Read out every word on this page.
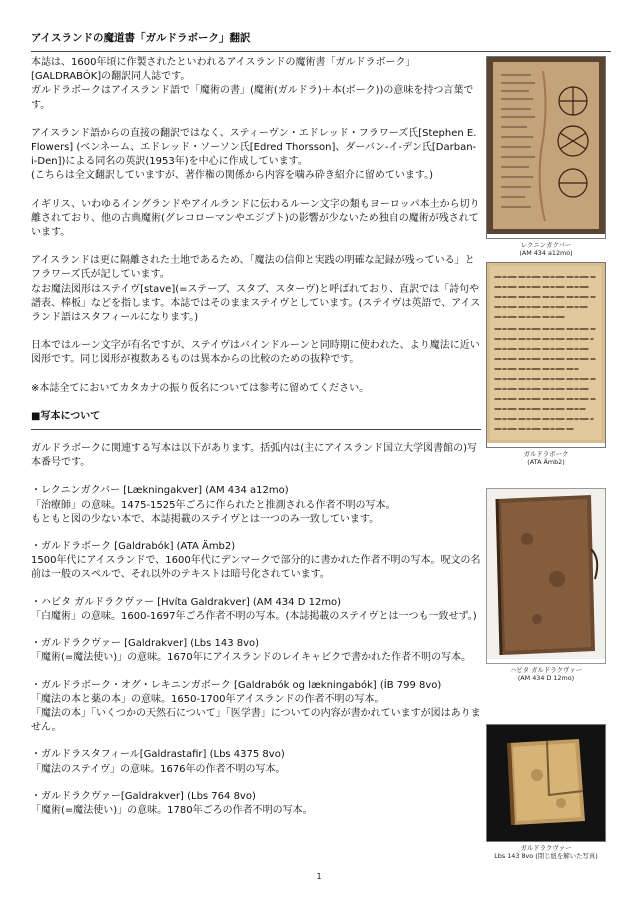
アイスランドの魔道書「ガルドラボーク」翻訳

本誌は、1600年頃に作製されたといわれるアイスランドの魔術書「ガルドラボーク」[GALDRABÓK]の翻訳同人誌です。
ガルドラボークはアイスランド語で「魔術の書」(魔術(ガルドラ)＋本(ボーク))の意味を持つ言葉です。

アイスランド語からの直接の翻訳ではなく、スティーヴン・エドレッド・フラワーズ氏[Stephen E. Flowers] (ベンネーム、エドレッド・ソーソン氏[Edred Thorsson]、ダーバン-イ-デン氏[Darban-i-Den])による同名の英訳(1953年)を中心に作成しています。
(こちらは全文翻訳していますが、著作権の関係から内容を噛み砕き紹介に留めています。)

イギリス、いわゆるイングランドやアイルランドに伝わるルーン文字の類もヨーロッパ本土から切り離されており、他の古典魔術(グレコローマンやエジプト)の影響が少ないため独自の魔術が残されています。

アイスランドは更に隔離された土地であるため、「魔法の信仰と実践の明確な記録が残っている」とフラワーズ氏が記しています。
なお魔法図形はステイヴ[stave](=ステーブ、スタブ、スターヴ)と呼ばれており、直訳では「詩句や譜表、棒板」などを指します。本誌ではそのままステイヴとしています。(ステイヴは英語で、アイスランド語はスタフィールになります。)

日本ではルーン文字が有名ですが、ステイヴはバインドルーンと同時期に使われた、より魔法に近い図形です。同じ図形が複数あるものは異本からの比較のための抜粋です。

※本誌全てにおいてカタカナの振り仮名については参考に留めてください。

■写本について

ガルドラボークに関連する写本は以下があります。括弧内は(主にアイスランド国立大学図書館の)写本番号です。

・レクニンガクバー [Lækningakver] (AM 434 a12mo)
「治療師」の意味。1475-1525年ごろに作られたと推測される作者不明の写本。
もともと図の少ない本で、本誌掲載のステイヴとは一つのみ一致しています。
・ガルドラボーク [Galdrabók] (ATA Ämb2)
1500年代にアイスランドで、1600年代にデンマークで部分的に書かれた作者不明の写本。呪文の名前は一般のスペルで、それ以外のテキストは暗号化されています。
・ハビタ ガルドラクヴァー [Hvíta Galdrakver] (AM 434 D 12mo)
「白魔術」の意味。1600-1697年ごろ作者不明の写本。(本誌掲載のステイヴとは一つも一致せず。)
・ガルドラクヴァー [Galdrakver] (Lbs 143 8vo)
「魔術(=魔法使い)」の意味。1670年にアイスランドのレイキャビクで書かれた作者不明の写本。
・ガルドラボーク・オグ・レキニンガボーク [Galdrabók og lækningabók] (ÍB 799 8vo)
「魔法の本と薬の本」の意味。1650-1700年アイスランドの作者不明の写本。
「魔法の本」「いくつかの天然石について」「医学書」についての内容が書かれていますが図はありません。
・ガルドラスタフィール[Galdrastafir] (Lbs 4375 8vo)
「魔法のステイヴ」の意味。1676年の作者不明の写本。
・ガルドラクヴァー[Galdrakver] (Lbs 764 8vo)
「魔術(=魔法使い)」の意味。1780年ごろの作者不明の写本。
レクニンガクバー
(AM 434 a12mo)
ガルドラボーク
(ATA Ämb2)
ハビタ ガルドラクヴァー
(AM 434 D 12mo)
ガルドラクヴァー
Lbs 143 8vo (閉じ紐を解いた写真)
1
